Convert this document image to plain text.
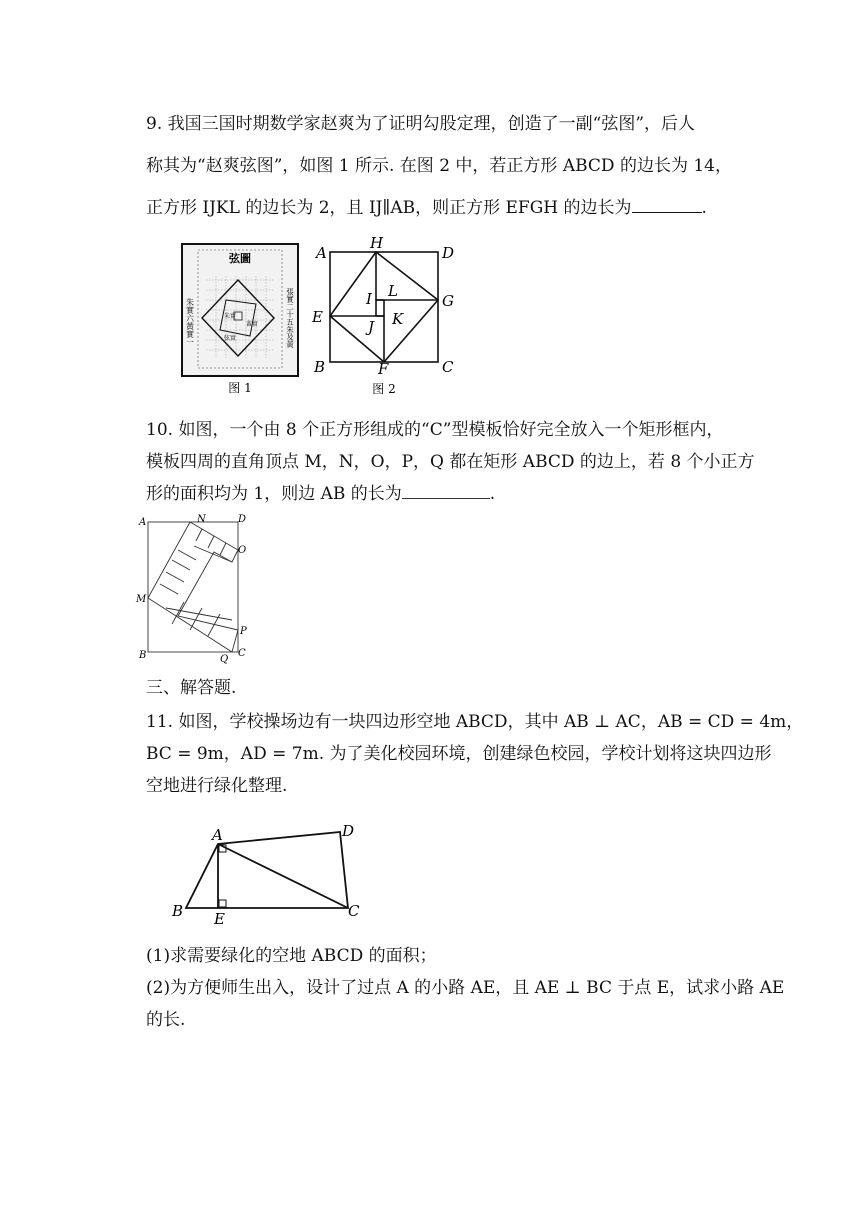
9. 我国三国时期数学家赵爽为了证明勾股定理，创造了一副“弦图”，后人
称其为“赵爽弦图”，如图 1 所示. 在图 2 中，若正方形 ABCD 的边长为 14，
正方形 IJKL 的边长为 2，且 IJ∥AB，则正方形 EFGH 的边长为	.
弦圖
朱實六黃實一	張實二十五朱及黃
朱實
黃實
弦實
图 1
A
H
D
E
G
I L
J K
B	F	C
图 2
10. 如图，一个由 8 个正方形组成的“C”型模板恰好完全放入一个矩形框内，
模板四周的直角顶点 M，N，O，P，Q 都在矩形 ABCD 的边上，若 8 个小正方
形的面积均为 1，则边 AB 的长为	.
A	N	D
O
M
P
B	Q
C
三、解答题.
11. 如图，学校操场边有一块四边形空地 ABCD，其中 AB ⊥ AC，AB = CD = 4m，
BC = 9m，AD = 7m. 为了美化校园环境，创建绿色校园，学校计划将这块四边形
空地进行绿化整理.
A	D
B E	C
(1)求需要绿化的空地 ABCD 的面积；
(2)为方便师生出入，设计了过点 A 的小路 AE，且 AE ⊥ BC 于点 E，试求小路 AE
的长.
